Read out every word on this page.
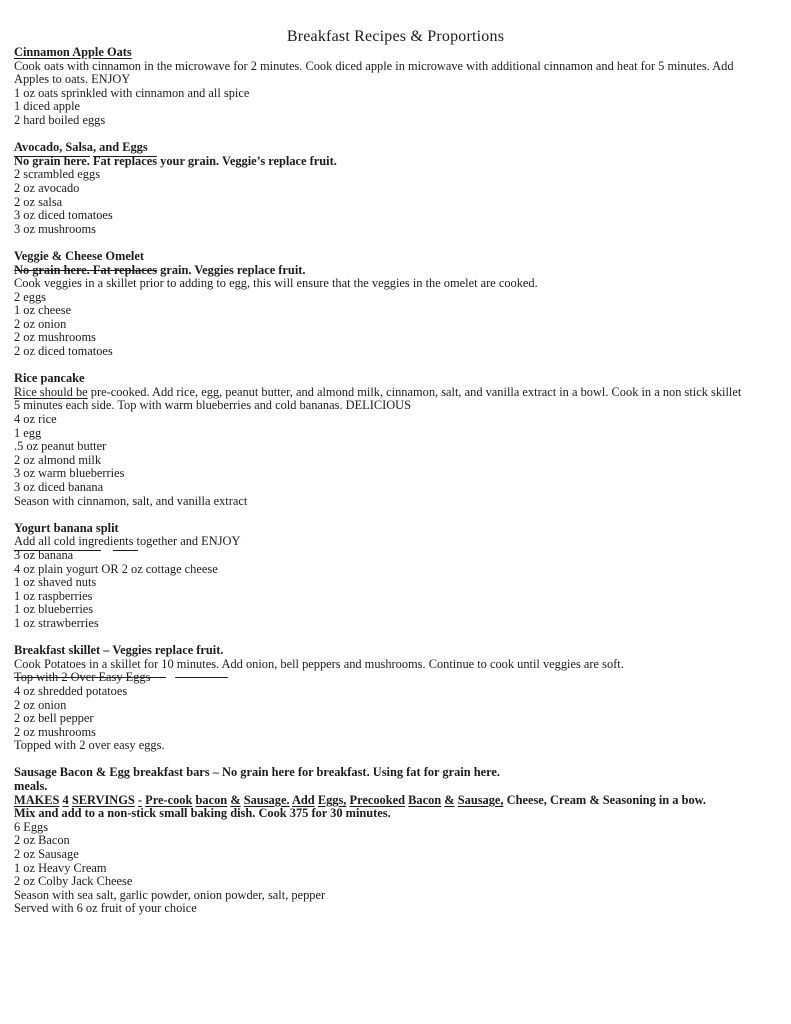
Breakfast Recipes & Proportions
Cinnamon Apple Oats
Cook oats with cinnamon in the microwave for 2 minutes. Cook diced apple in microwave with additional cinnamon and heat for 5 minutes. Add
Apples to oats. ENJOY
1 oz oats sprinkled with cinnamon and all spice
1 diced apple
2 hard boiled eggs
Avocado, Salsa, and Eggs
No grain here. Fat replaces your grain. Veggie’s replace fruit.
2 scrambled eggs
2 oz avocado
2 oz salsa
3 oz diced tomatoes
3 oz mushrooms
Veggie & Cheese Omelet
No grain here. Fat replaces grain. Veggies replace fruit.
Cook veggies in a skillet prior to adding to egg, this will ensure that the veggies in the omelet are cooked.
2 eggs
1 oz cheese
2 oz onion
2 oz mushrooms
2 oz diced tomatoes
Rice pancake
Rice should be pre-cooked. Add rice, egg, peanut butter, and almond milk, cinnamon, salt, and vanilla extract in a bowl. Cook in a non stick skillet
5 minutes each side. Top with warm blueberries and cold bananas. DELICIOUS
4 oz rice
1 egg
.5 oz peanut butter
2 oz almond milk
3 oz warm blueberries
3 oz diced banana
Season with cinnamon, salt, and vanilla extract
Yogurt banana split
Add all cold ingredients together and ENJOY
3 oz banana
4 oz plain yogurt OR 2 oz cottage cheese
1 oz shaved nuts
1 oz raspberries
1 oz blueberries
1 oz strawberries
Breakfast skillet – Veggies replace fruit.
Cook Potatoes in a skillet for 10 minutes. Add onion, bell peppers and mushrooms. Continue to cook until veggies are soft.
Top with 2 Over Easy Eggs
4 oz shredded potatoes
2 oz onion
2 oz bell pepper
2 oz mushrooms
Topped with 2 over easy eggs.
Sausage Bacon & Egg breakfast bars – No grain here for breakfast. Using fat for grain here.
meals.
MAKES 4 SERVINGS - Pre-cook bacon & Sausage. Add Eggs, Precooked Bacon & Sausage, Cheese, Cream & Seasoning in a bow.
Mix and add to a non-stick small baking dish. Cook 375 for 30 minutes.
6 Eggs
2 oz Bacon
2 oz Sausage
1 oz Heavy Cream
2 oz Colby Jack Cheese
Season with sea salt, garlic powder, onion powder, salt, pepper
Served with 6 oz fruit of your choice
